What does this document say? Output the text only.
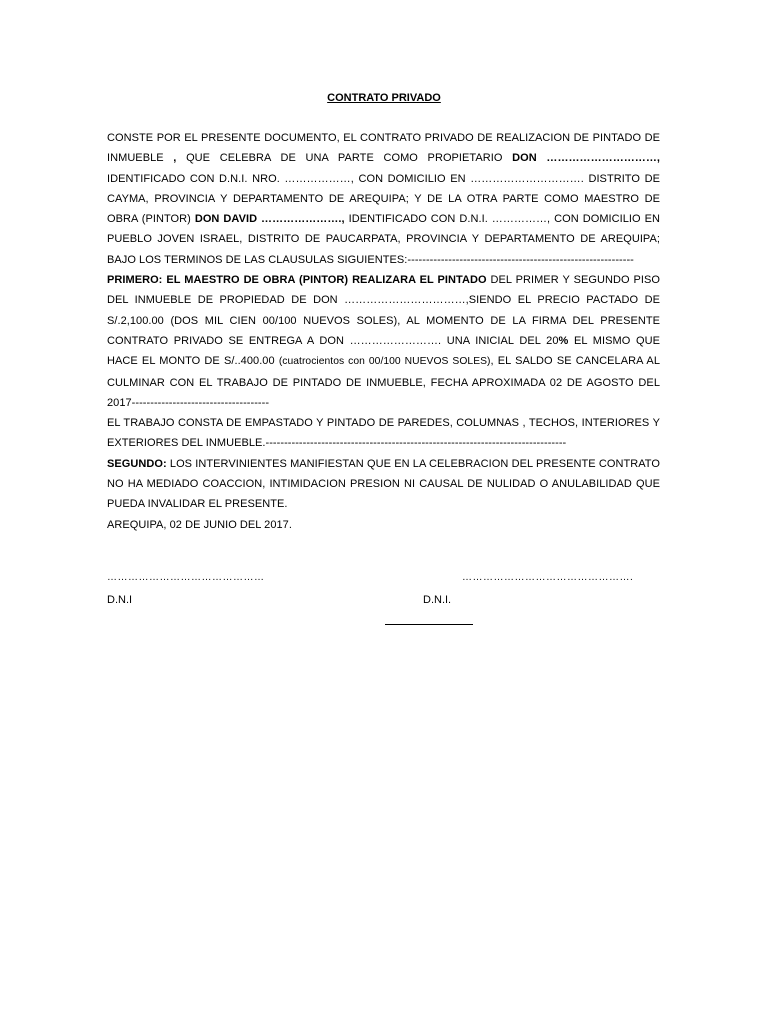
CONTRATO PRIVADO

CONSTE POR EL PRESENTE DOCUMENTO, EL CONTRATO PRIVADO DE REALIZACION DE PINTADO DE INMUEBLE , QUE CELEBRA DE UNA PARTE COMO PROPIETARIO DON …………………………, IDENTIFICADO CON D.N.I. NRO. ………………, CON DOMICILIO EN …………………………. DISTRITO DE CAYMA, PROVINCIA Y DEPARTAMENTO DE AREQUIPA; Y DE LA OTRA PARTE COMO MAESTRO DE OBRA (PINTOR) DON DAVID …………………., IDENTIFICADO CON D.N.I. ……………, CON DOMICILIO EN PUEBLO JOVEN ISRAEL, DISTRITO DE PAUCARPATA, PROVINCIA Y DEPARTAMENTO DE AREQUIPA; BAJO LOS TERMINOS DE LAS CLAUSULAS SIGUIENTES:-------------------------------------------------------------

PRIMERO: EL MAESTRO DE OBRA (PINTOR) REALIZARA EL PINTADO DEL PRIMER Y SEGUNDO PISO DEL INMUEBLE DE PROPIEDAD DE DON ……………………………,SIENDO EL PRECIO PACTADO DE S/.2,100.00 (DOS MIL CIEN 00/100 NUEVOS SOLES), AL MOMENTO DE LA FIRMA DEL PRESENTE CONTRATO PRIVADO SE ENTREGA A DON ……………………. UNA INICIAL DEL 20% EL MISMO QUE HACE EL MONTO DE S/..400.00 (cuatrocientos con 00/100 NUEVOS SOLES), EL SALDO SE CANCELARA AL CULMINAR CON EL TRABAJO DE PINTADO DE INMUEBLE, FECHA APROXIMADA 02 DE AGOSTO DEL 2017-------------------------------------

EL TRABAJO CONSTA DE EMPASTADO Y PINTADO DE PAREDES, COLUMNAS , TECHOS, INTERIORES Y EXTERIORES DEL INMUEBLE.---------------------------------------------------------------------------------

SEGUNDO: LOS INTERVINIENTES MANIFIESTAN QUE EN LA CELEBRACION DEL PRESENTE CONTRATO NO HA MEDIADO COACCION, INTIMIDACION PRESION NI CAUSAL DE NULIDAD O ANULABILIDAD QUE PUEDA INVALIDAR EL PRESENTE.

AREQUIPA, 02 DE JUNIO DEL 2017.

………………………………………	………………………………………….
D.N.I	D.N.I.
